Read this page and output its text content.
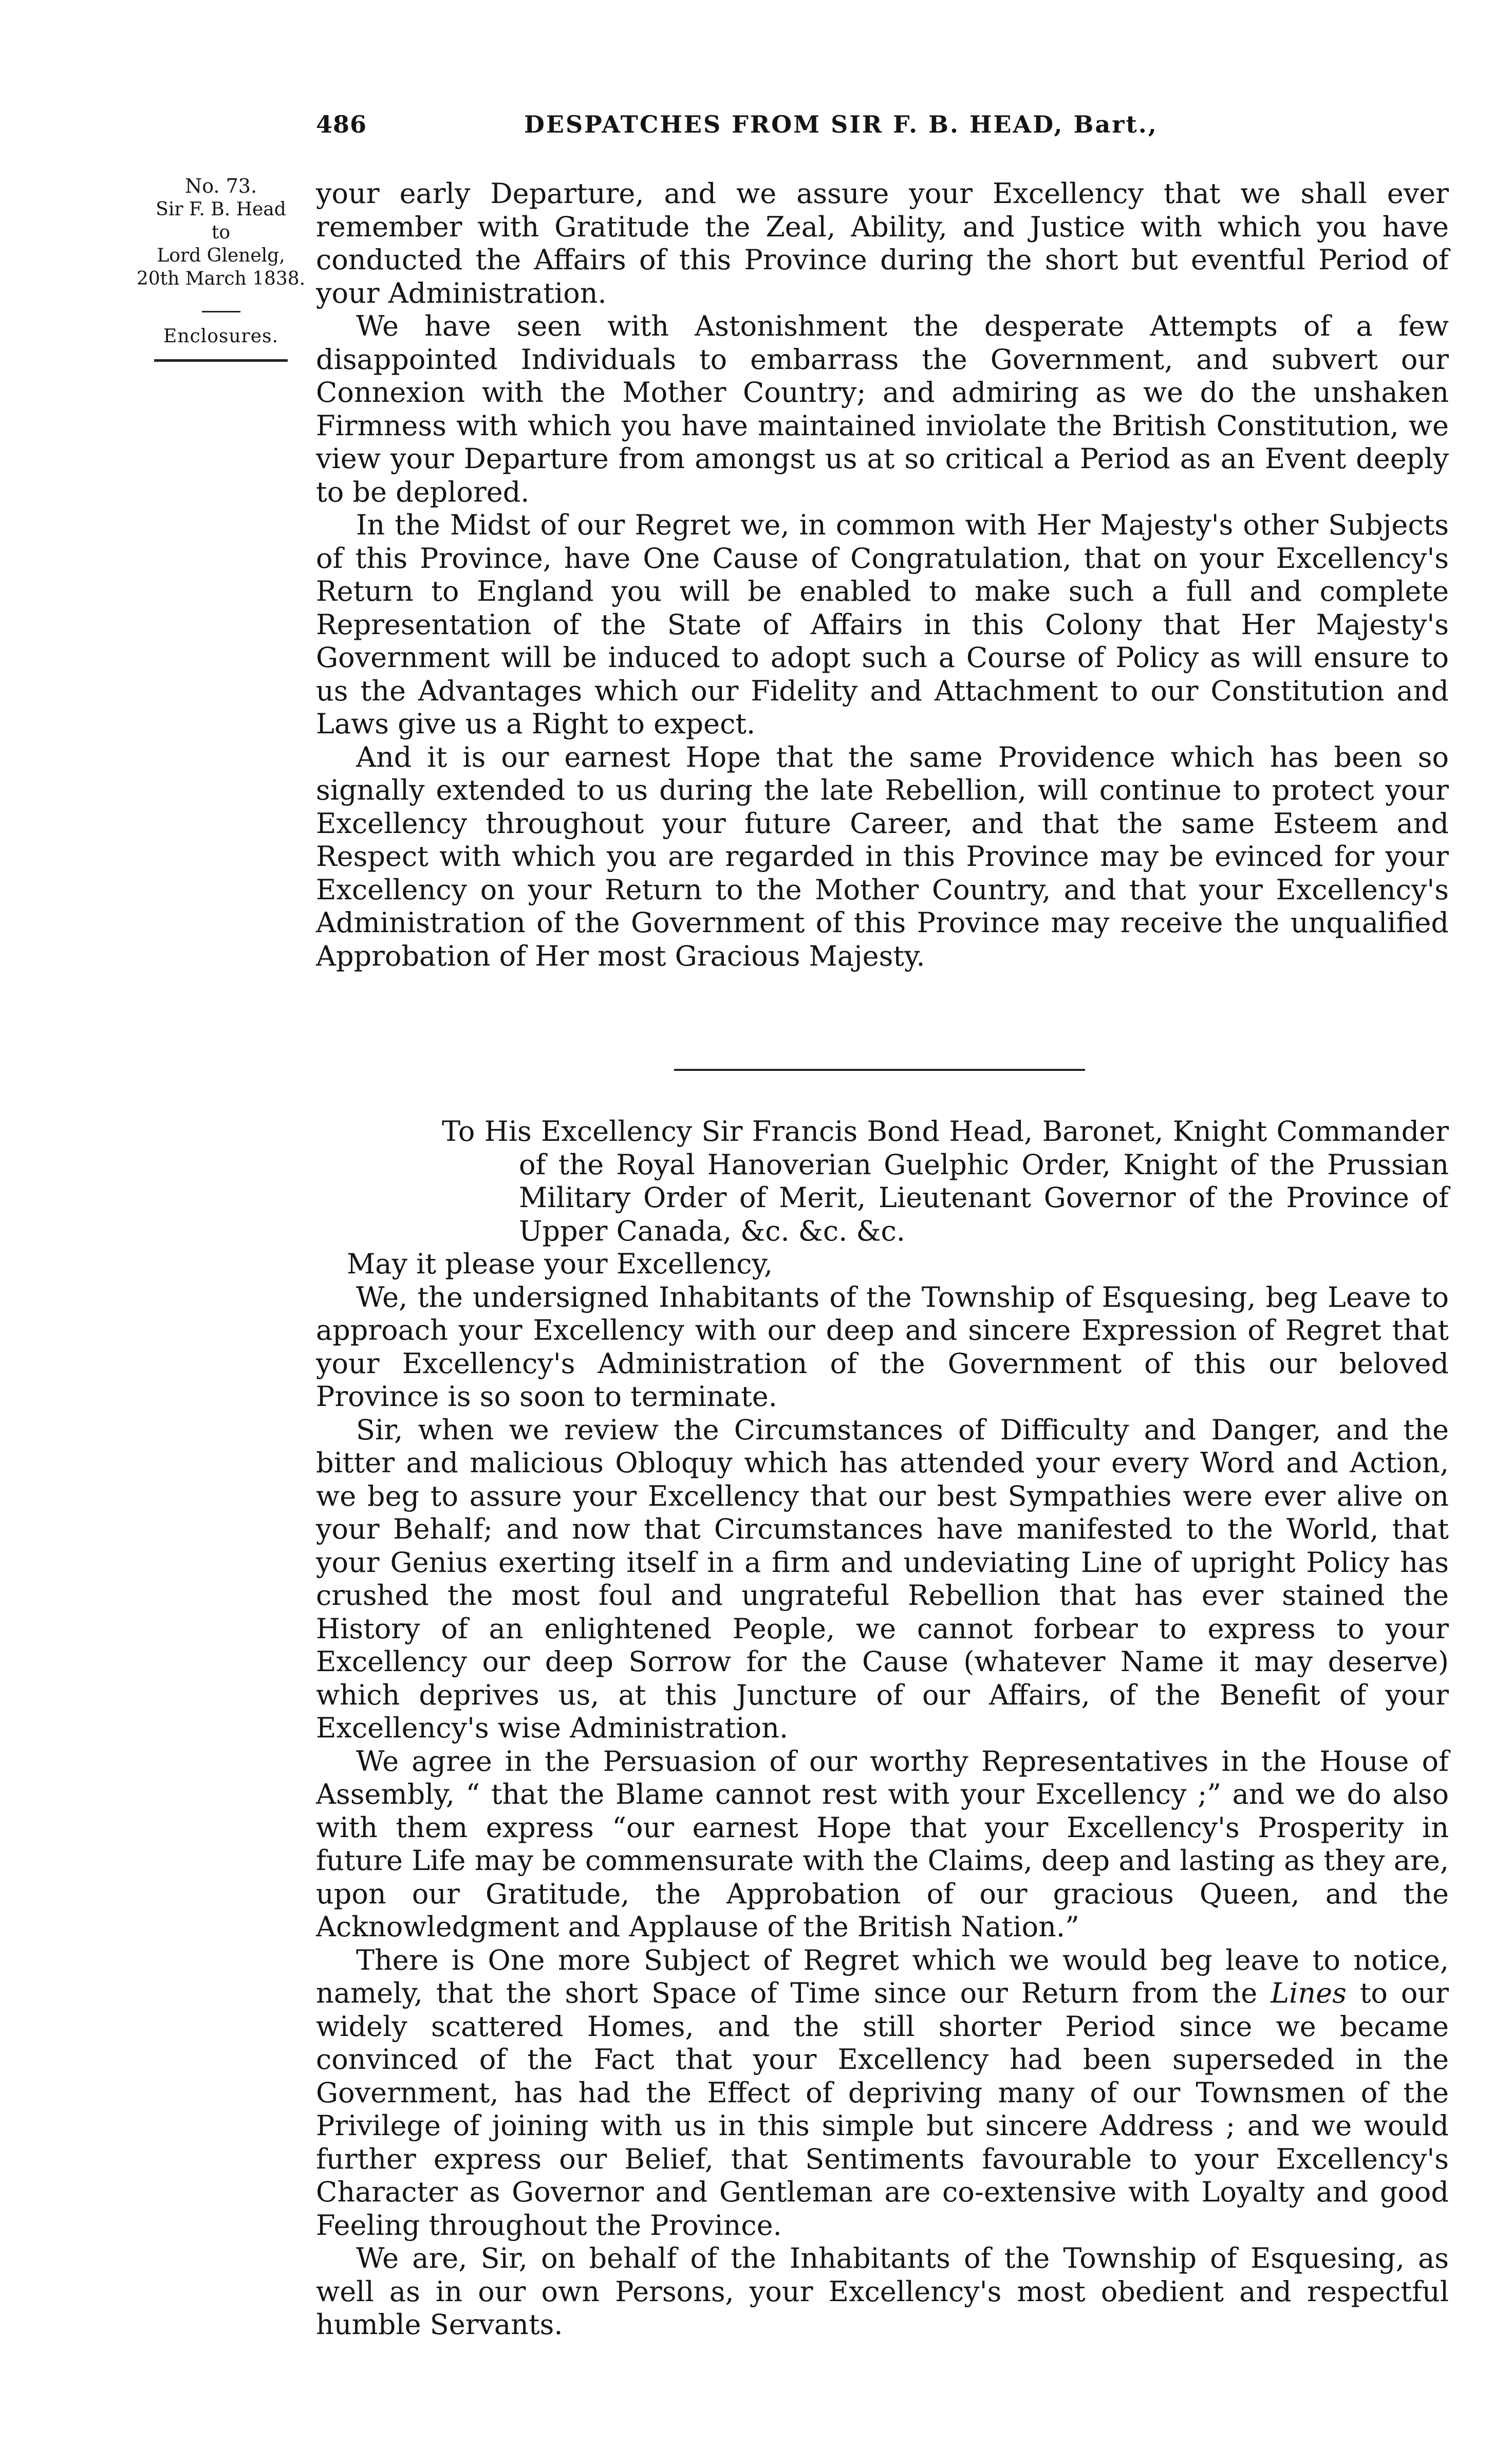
486	DESPATCHES FROM SIR F. B. HEAD, Bart.,
No. 73.
Sir F. B. Head
to
Lord Glenelg,
20th March 1838.
Enclosures.

your early Departure, and we assure your Excellency that we shall ever remember with Gratitude the Zeal, Ability, and Justice with which you have conducted the Affairs of this Province during the short but eventful Period of your Administration.

We have seen with Astonishment the desperate Attempts of a few disappointed Individuals to embarrass the Government, and subvert our Connexion with the Mother Country; and admiring as we do the unshaken Firmness with which you have maintained inviolate the British Constitution, we view your Departure from amongst us at so critical a Period as an Event deeply to be deplored.

In the Midst of our Regret we, in common with Her Majesty's other Subjects of this Province, have One Cause of Congratulation, that on your Excellency's Return to England you will be enabled to make such a full and complete Representation of the State of Affairs in this Colony that Her Majesty's Government will be induced to adopt such a Course of Policy as will ensure to us the Advantages which our Fidelity and Attachment to our Constitution and Laws give us a Right to expect.

And it is our earnest Hope that the same Providence which has been so signally extended to us during the late Rebellion, will continue to protect your Excellency throughout your future Career, and that the same Esteem and Respect with which you are regarded in this Province may be evinced for your Excellency on your Return to the Mother Country, and that your Excellency's Administration of the Government of this Province may receive the unqualified Approbation of Her most Gracious Majesty.

To His Excellency Sir Francis Bond Head, Baronet, Knight Commander of the Royal Hanoverian Guelphic Order, Knight of the Prussian Military Order of Merit, Lieutenant Governor of the Province of Upper Canada, &c. &c. &c.

May it please your Excellency,

We, the undersigned Inhabitants of the Township of Esquesing, beg Leave to approach your Excellency with our deep and sincere Expression of Regret that your Excellency's Administration of the Government of this our beloved Province is so soon to terminate.

Sir, when we review the Circumstances of Difficulty and Danger, and the bitter and malicious Obloquy which has attended your every Word and Action, we beg to assure your Excellency that our best Sympathies were ever alive on your Behalf; and now that Circumstances have manifested to the World, that your Genius exerting itself in a firm and undeviating Line of upright Policy has crushed the most foul and ungrateful Rebellion that has ever stained the History of an enlightened People, we cannot forbear to express to your Excellency our deep Sorrow for the Cause (whatever Name it may deserve) which deprives us, at this Juncture of our Affairs, of the Benefit of your Excellency's wise Administration.

We agree in the Persuasion of our worthy Representatives in the House of Assembly, “ that the Blame cannot rest with your Excellency ;” and we do also with them express “our earnest Hope that your Excellency's Prosperity in future Life may be commensurate with the Claims, deep and lasting as they are, upon our Gratitude, the Approbation of our gracious Queen, and the Acknowledgment and Applause of the British Nation.”

There is One more Subject of Regret which we would beg leave to notice, namely, that the short Space of Time since our Return from the Lines to our widely scattered Homes, and the still shorter Period since we became convinced of the Fact that your Excellency had been superseded in the Government, has had the Effect of depriving many of our Townsmen of the Privilege of joining with us in this simple but sincere Address ; and we would further express our Belief, that Sentiments favourable to your Excellency's Character as Governor and Gentleman are co-extensive with Loyalty and good Feeling throughout the Province.

We are, Sir, on behalf of the Inhabitants of the Township of Esquesing, as well as in our own Persons, your Excellency's most obedient and respectful humble Servants.
